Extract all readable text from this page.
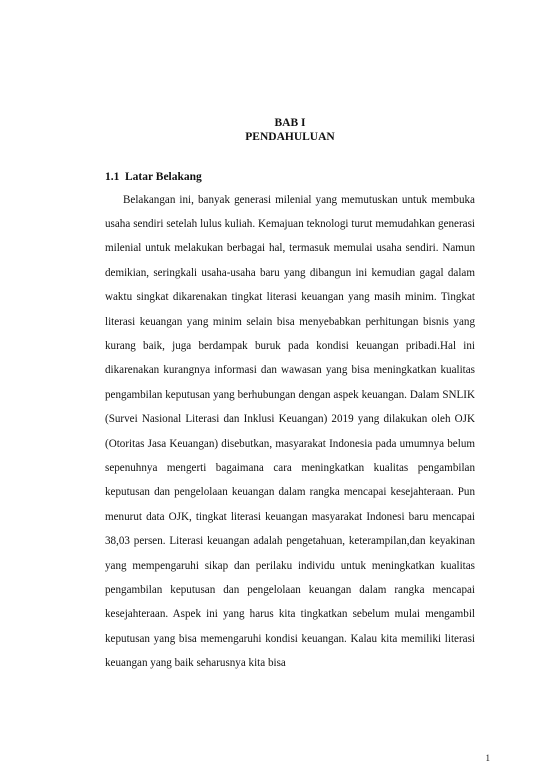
BAB I
PENDAHULUAN
1.1 Latar Belakang

Belakangan ini, banyak generasi milenial yang memutuskan untuk membuka usaha sendiri setelah lulus kuliah. Kemajuan teknologi turut memudahkan generasi milenial untuk melakukan berbagai hal, termasuk memulai usaha sendiri. Namun demikian, seringkali usaha-usaha baru yang dibangun ini kemudian gagal dalam waktu singkat dikarenakan tingkat literasi keuangan yang masih minim. Tingkat literasi keuangan yang minim selain bisa menyebabkan perhitungan bisnis yang kurang baik, juga berdampak buruk pada kondisi keuangan pribadi.Hal ini dikarenakan kurangnya informasi dan wawasan yang bisa meningkatkan kualitas pengambilan keputusan yang berhubungan dengan aspek keuangan. Dalam SNLIK (Survei Nasional Literasi dan Inklusi Keuangan) 2019 yang dilakukan oleh OJK (Otoritas Jasa Keuangan) disebutkan, masyarakat Indonesia pada umumnya belum sepenuhnya mengerti bagaimana cara meningkatkan kualitas pengambilan keputusan dan pengelolaan keuangan dalam rangka mencapai kesejahteraan. Pun menurut data OJK, tingkat literasi keuangan masyarakat Indonesi baru mencapai 38,03 persen. Literasi keuangan adalah pengetahuan, keterampilan,dan keyakinan yang mempengaruhi sikap dan perilaku individu untuk meningkatkan kualitas pengambilan keputusan dan pengelolaan keuangan dalam rangka mencapai kesejahteraan. Aspek ini yang harus kita tingkatkan sebelum mulai mengambil keputusan yang bisa memengaruhi kondisi keuangan. Kalau kita memiliki literasi keuangan yang baik seharusnya kita bisa

1
